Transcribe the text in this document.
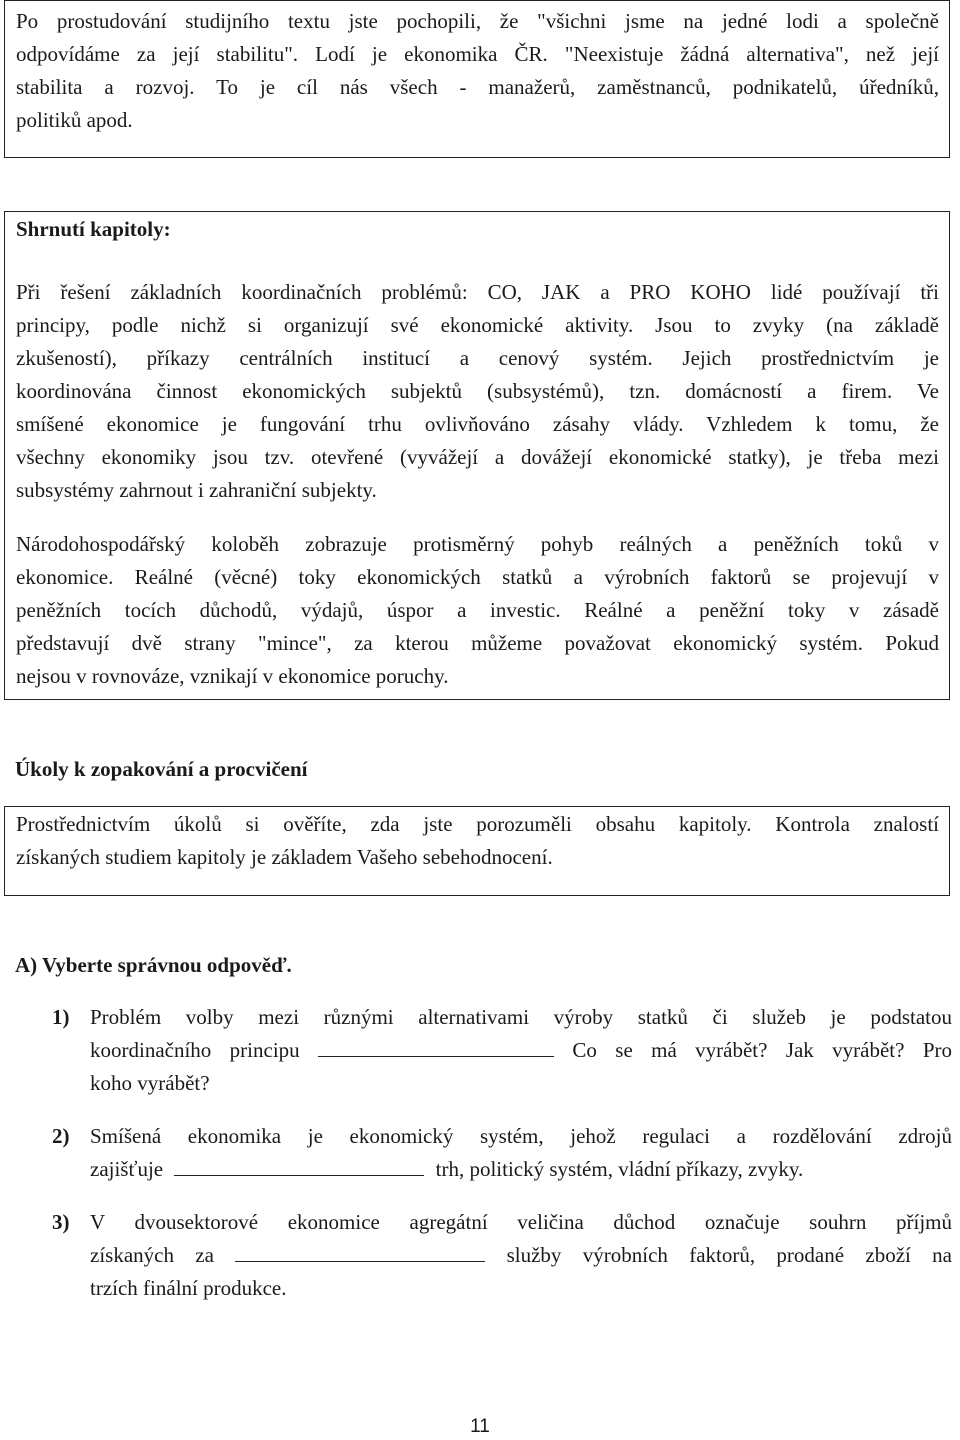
Po prostudování studijního textu jste pochopili, že "všichni jsme na jedné lodi a společně

odpovídáme za její stabilitu". Lodí je ekonomika ČR. "Neexistuje žádná alternativa", než její

stabilita a rozvoj. To je cíl nás všech - manažerů, zaměstnanců, podnikatelů, úředníků,

politiků apod.

Shrnutí kapitoly:

Při řešení základních koordinačních problémů: CO, JAK a PRO KOHO lidé používají tři

principy, podle nichž si organizují své ekonomické aktivity. Jsou to zvyky (na základě

zkušeností), příkazy centrálních institucí a cenový systém. Jejich prostřednictvím je

koordinována činnost ekonomických subjektů (subsystémů), tzn. domácností a firem. Ve

smíšené ekonomice je fungování trhu ovlivňováno zásahy vlády. Vzhledem k tomu, že

všechny ekonomiky jsou tzv. otevřené (vyvážejí a dovážejí ekonomické statky), je třeba mezi

subsystémy zahrnout i zahraniční subjekty.

Národohospodářský koloběh zobrazuje protisměrný pohyb reálných a peněžních toků v

ekonomice. Reálné (věcné) toky ekonomických statků a výrobních faktorů se projevují v

peněžních tocích důchodů, výdajů, úspor a investic. Reálné a peněžní toky v zásadě

představují dvě strany "mince", za kterou můžeme považovat ekonomický systém. Pokud

nejsou v rovnováze, vznikají v ekonomice poruchy.

Úkoly k zopakování a procvičení

Prostřednictvím úkolů si ověříte, zda jste porozuměli obsahu kapitoly. Kontrola znalostí

získaných studiem kapitoly je základem Vašeho sebehodnocení.

A) Vyberte správnou odpověď.
1) Problém volby mezi různými alternativami výroby statků či služeb je podstatou

koordinačního principu	Co se má vyrábět? Jak vyrábět? Pro

koho vyrábět?

2) Smíšená ekonomika je ekonomický systém, jehož regulaci a rozdělování zdrojů

zajišťuje	trh, politický systém, vládní příkazy, zvyky.

3) V dvousektorové ekonomice agregátní veličina důchod označuje souhrn příjmů

získaných za	služby výrobních faktorů, prodané zboží na

trzích finální produkce.

11
